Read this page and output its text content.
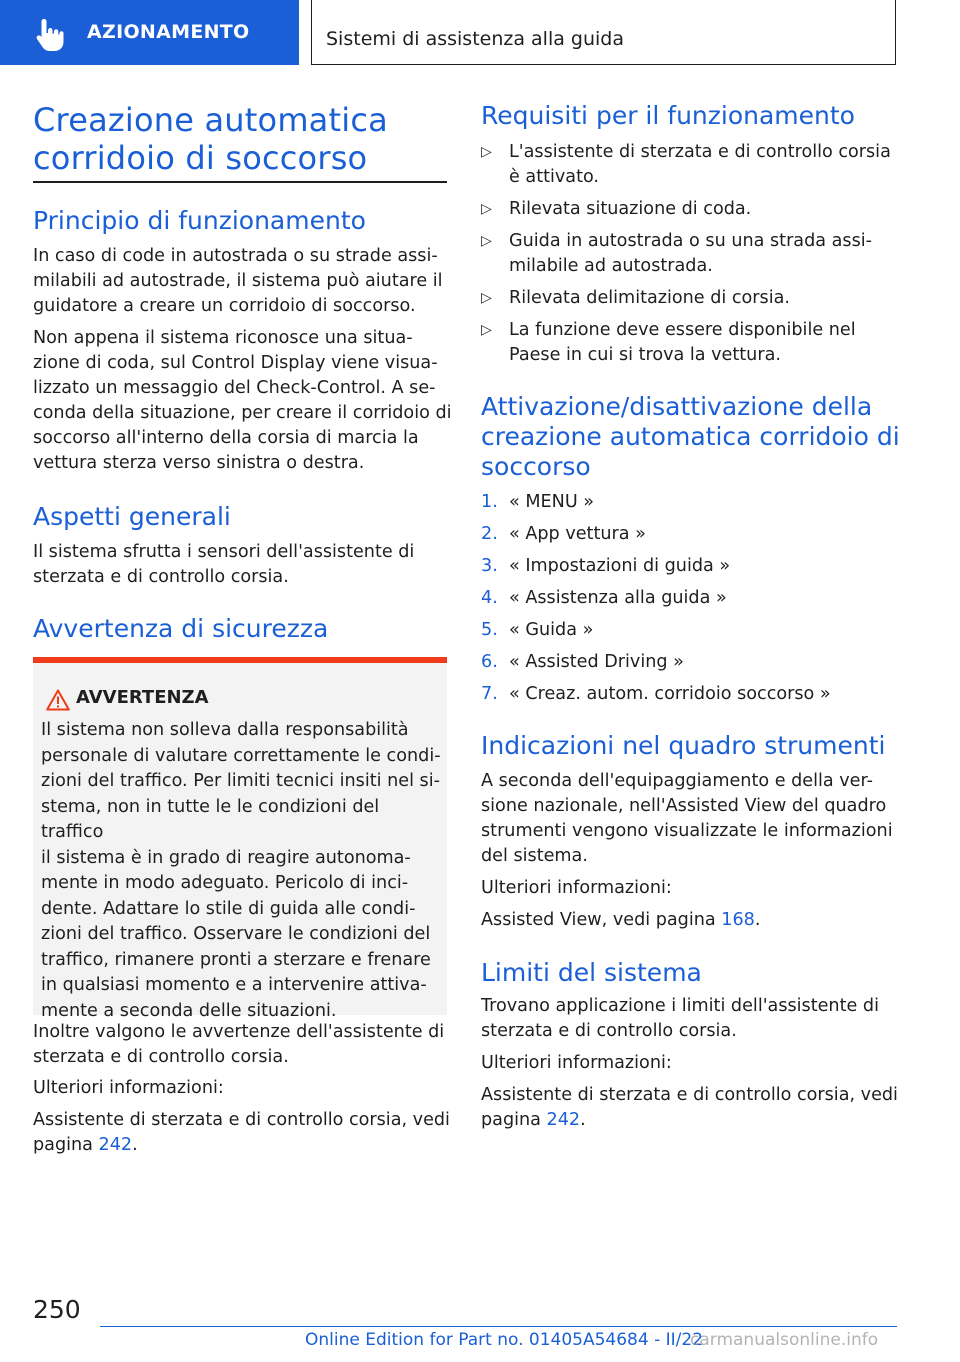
AZIONAMENTO	Sistemi di assistenza alla guida
Creazione automatica
corridoio di soccorso
Principio di funzionamento
In caso di code in autostrada o su strade assi-
milabili ad autostrade, il sistema può aiutare il
guidatore a creare un corridoio di soccorso.
Non appena il sistema riconosce una situa-
zione di coda, sul Control Display viene visua-
lizzato un messaggio del Check-Control. A se-
conda della situazione, per creare il corridoio di
soccorso all'interno della corsia di marcia la
vettura sterza verso sinistra o destra.
Aspetti generali
Il sistema sfrutta i sensori dell'assistente di
sterzata e di controllo corsia.
Avvertenza di sicurezza
AVVERTENZA
Il sistema non solleva dalla responsabilità
personale di valutare correttamente le condi-
zioni del traffico. Per limiti tecnici insiti nel si-
stema, non in tutte le le condizioni del traffico
il sistema è in grado di reagire autonoma-
mente in modo adeguato. Pericolo di inci-
dente. Adattare lo stile di guida alle condi-
zioni del traffico. Osservare le condizioni del
traffico, rimanere pronti a sterzare e frenare
in qualsiasi momento e a intervenire attiva-
mente a seconda delle situazioni.
Inoltre valgono le avvertenze dell'assistente di
sterzata e di controllo corsia.
Ulteriori informazioni:
Assistente di sterzata e di controllo corsia, vedi
pagina 242.
Requisiti per il funzionamento
▷ L'assistente di sterzata e di controllo corsia
è attivato.
▷ Rilevata situazione di coda.
▷ Guida in autostrada o su una strada assi-
milabile ad autostrada.
▷ Rilevata delimitazione di corsia.
▷ La funzione deve essere disponibile nel
Paese in cui si trova la vettura.
Attivazione/disattivazione della
creazione automatica corridoio di
soccorso
1. « MENU »
2. « App vettura »
3. « Impostazioni di guida »
4. « Assistenza alla guida »
5. « Guida »
6. « Assisted Driving »
7. « Creaz. autom. corridoio soccorso »
Indicazioni nel quadro strumenti
A seconda dell'equipaggiamento e della ver-
sione nazionale, nell'Assisted View del quadro
strumenti vengono visualizzate le informazioni
del sistema.
Ulteriori informazioni:
Assisted View, vedi pagina 168.
Limiti del sistema
Trovano applicazione i limiti dell'assistente di
sterzata e di controllo corsia.
Ulteriori informazioni:
Assistente di sterzata e di controllo corsia, vedi
pagina 242.
250
Online Edition for Part no. 01405A54684 - II/22
carmanualsonline.info
